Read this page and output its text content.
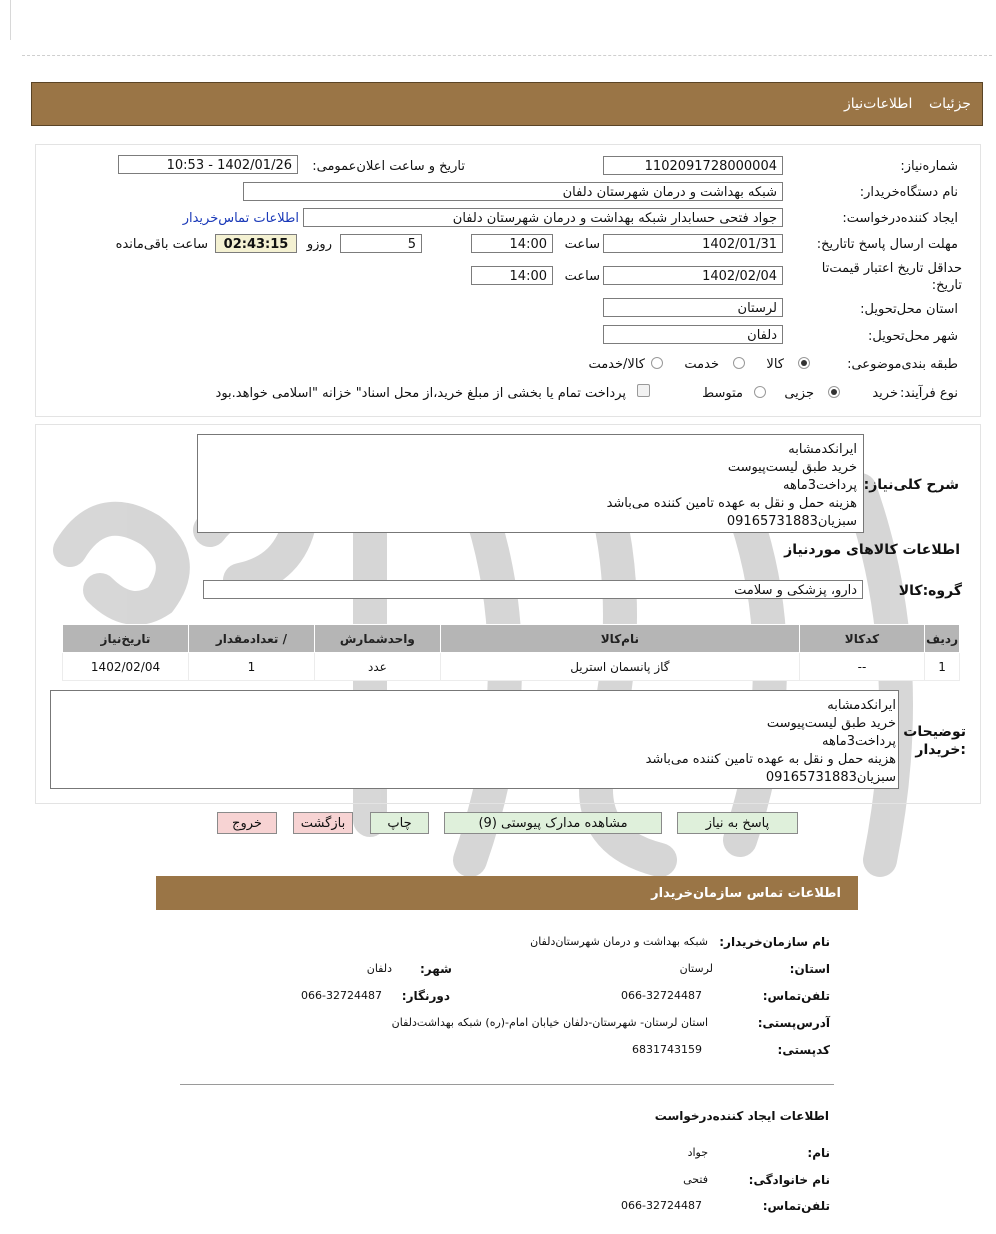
جزئیات
اطلاعات‌نیاز
شماره‌نیاز:
1102091728000004
تاریخ و ساعت اعلان‌عمومی:
1402/01/26 - 10:53
نام دستگاه‌خریدار:
شبکه بهداشت و درمان شهرستان دلفان
ایجاد کننده‌درخواست:
جواد فتحی حسابدار شبکه بهداشت و درمان شهرستان دلفان
اطلاعات تماس‌خریدار
مهلت ارسال پاسخ تا‌تاریخ:
1402/01/31
ساعت
14:00
5
روزو
02:43:15
ساعت باقی‌مانده
حداقل تاریخ اعتبار قیمت‌تا
تاریخ:
1402/02/04
ساعت
14:00
استان محل‌تحویل:
لرستان
شهر محل‌تحویل:
دلفان
طبقه بندی‌موضوعی:
کالا
خدمت
کالا/خدمت
نوع فرآیند:
خرید
جزیی
متوسط
پرداخت تمام یا بخشی از مبلغ خرید،از محل اسناد" خزانه "اسلامی خواهد.بود
شرح کلی‌نیاز:
ایرانکدمشابه
خرید طبق لیست‌پیوست
پرداخت3ماهه
هزینه حمل و نقل به عهده تامین کننده می‌باشد
سبزیان09165731883
اطلاعات کالاهای موردنیاز
گروه:کالا
دارو، پزشکی و سلامت
ردیف	کدکالا	نام‌کالا	واحدشمارش	/ تعدادمقدار	تاریخ‌نیاز
1	--	گاز پانسمان استریل	عدد	1	1402/02/04
توضیحات
:خریدار
ایرانکدمشابه
خرید طبق لیست‌پیوست
پرداخت3ماهه
هزینه حمل و نقل به عهده تامین کننده می‌باشد
سبزیان09165731883
پاسخ به نیاز
مشاهده مدارک پیوستی (9)
چاپ
بازگشت
خروج
اطلاعات تماس سازمان‌خریدار
نام سازمان‌خریدار:
شبکه بهداشت و درمان شهرستان‌دلفان
استان:
لرستان
شهر:
دلفان
تلفن‌تماس:
066-32724487
دورنگار:
066-32724487
آدرس‌پستی:
استان لرستان- شهرستان-دلفان خیابان امام-(ره) شبکه بهداشت‌دلفان
کد‌پستی:
6831743159
اطلاعات ایجاد کننده‌درخواست
نام:
جواد
نام خانوادگی:
فتحی
تلفن‌تماس:
066-32724487
